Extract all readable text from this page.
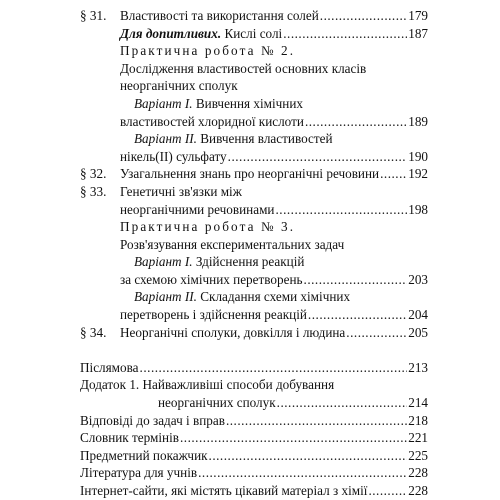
§ 31. Властивості та використання солей .....	179
Для допитливих. Кислі солі .....	187
Практична робота № 2.
Дослідження властивостей основних класів
неорганічних сполук
Варіант І. Вивчення хімічних
властивостей хлоридної кислоти .....	189
Варіант ІІ. Вивчення властивостей
нікель(ІІ) сульфату .....	190
§ 32. Узагальнення знань про неорганічні речовини ..... 192
§ 33. Генетичні зв'язки між
неорганічними речовинами .....	198
Практична робота № 3.
Розв'язування експериментальних задач
Варіант І. Здійснення реакцій
за схемою хімічних перетворень .....	203
Варіант ІІ. Складання схеми хімічних
перетворень і здійснення реакцій .....	204
§ 34. Неорганічні сполуки, довкілля і людина .....	205
Післямова .....	213
Додаток 1. Найважливіші способи добування
неорганічних сполук .....	214
Відповіді до задач і вправ .....	218
Словник термінів .....	221
Предметний покажчик .....	225
Література для учнів .....	228
Інтернет-сайти, які містять цікавий матеріал з хімії .....	228
